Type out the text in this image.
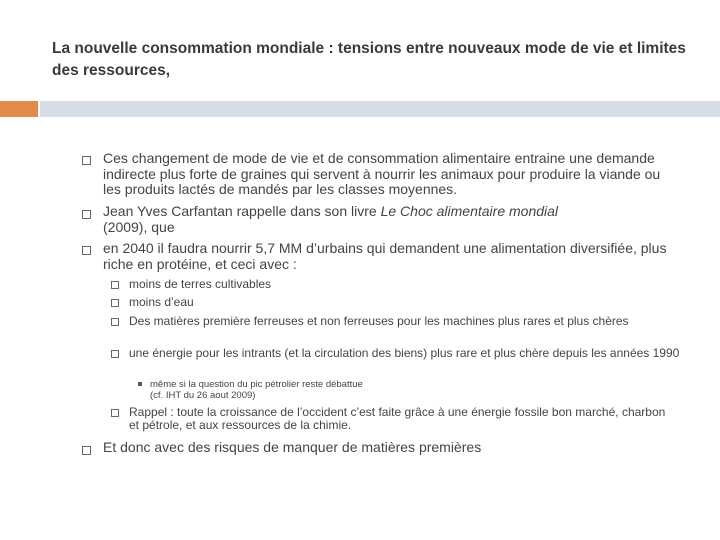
La nouvelle consommation mondiale : tensions entre nouveaux mode de vie et limites des ressources,
Ces changement de mode de vie et de consommation alimentaire entraine une demande indirecte plus forte de graines qui servent à nourrir les animaux pour produire la viande ou les produits lactés de mandés par les classes moyennes.
Jean Yves Carfantan rappelle dans son livre Le Choc alimentaire mondial
(2009), que
en 2040 il faudra nourrir 5,7 MM d’urbains qui demandent une alimentation diversifiée, plus riche en protéine, et ceci avec :
moins de terres cultivables
moins d’eau
Des matières première ferreuses et non ferreuses pour les machines plus rares et plus chères
une énergie pour les intrants (et la circulation des biens) plus rare et plus chère depuis les années 1990
même si la question du pic pétrolier reste débattue
(cf. IHT du 26 aout 2009)
Rappel : toute la croissance de l’occident c’est faite grâce à une énergie fossile bon marché, charbon et pétrole, et aux ressources de la chimie.
Et donc avec des risques de manquer de matières premières
